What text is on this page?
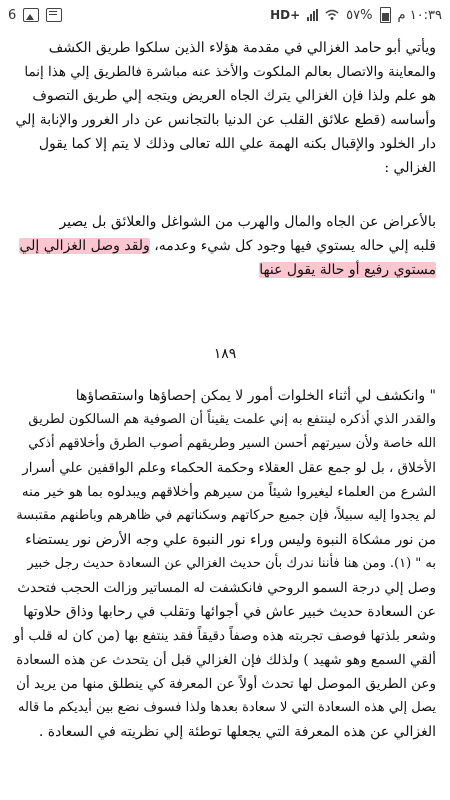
6	HD+	٥٧% ١٠:٣٩ م

ويأتي أبو حامد الغزالي في مقدمة هؤلاء الذين سلكوا طريق الكشف
والمعاينة والاتصال بعالم الملكوت والأخذ عنه مباشرة فالطريق إلي هذا إنما
هو علم ولذا فإن الغزالي يترك الجاه العريض ويتجه إلي طريق التصوف
وأساسه (قطع علائق القلب عن الدنيا بالتجانس عن دار الغرور والإنابة إلي
دار الخلود والإقبال بكنه الهمة علي الله تعالى وذلك لا يتم إلا كما يقول
الغزالي :

بالأعراض عن الجاه والمال والهرب من الشواغل والعلائق بل يصير
قلبه إلي حاله يستوي فيها وجود كل شيء وعدمه، ولقد وصل الغزالي إلي
مستوي رفيع أو حالة يقول عنها

١٨٩

" وانكشف لي أثناء الخلوات أمور لا يمكن إحصاؤها واستقصاؤها
والقدر الذي أذكره لينتفع به إني علمت يقيناً أن الصوفية هم السالكون لطريق
الله خاصة ولأن سيرتهم أحسن السير وطريقهم أصوب الطرق وأخلاقهم أذكي
الأخلاق ، بل لو جمع عقل العقلاء وحكمة الحكماء وعلم الواقفين علي أسرار
الشرع من العلماء ليغيروا شيئاً من سيرهم وأخلاقهم ويبدلوه بما هو خير منه
لم يجدوا إليه سبيلاً، فإن جميع حركاتهم وسكناتهم في ظاهرهم وباطنهم مقتبسة
من نور مشكاة النبوة وليس وراء نور النبوة علي وجه الأرض نور يستضاء
به " (١). ومن هنا فأننا ندرك بأن حديث الغزالي عن السعادة حديث رجل خبير
وصل إلي درجة السمو الروحي فانكشفت له المساتير وزالت الحجب فتحدث
عن السعادة حديث خبير عاش في أجوائها وتقلب في رحابها وذاق حلاوتها
وشعر بلذتها فوصف تجربته هذه وصفاً دقيقاً فقد ينتفع بها (من كان له قلب أو
ألقي السمع وهو شهيد ) ولذلك فإن الغزالي قبل أن يتحدث عن هذه السعادة
وعن الطريق الموصل لها تحدث أولاً عن المعرفة كي ينطلق منها من يريد أن
يصل إلي هذه السعادة التي لا سعادة بعدها ولذا فسوف نضع بين أيديكم ما قاله
الغزالي عن هذه المعرفة التي يجعلها توطئة إلي نظريته في السعادة .
